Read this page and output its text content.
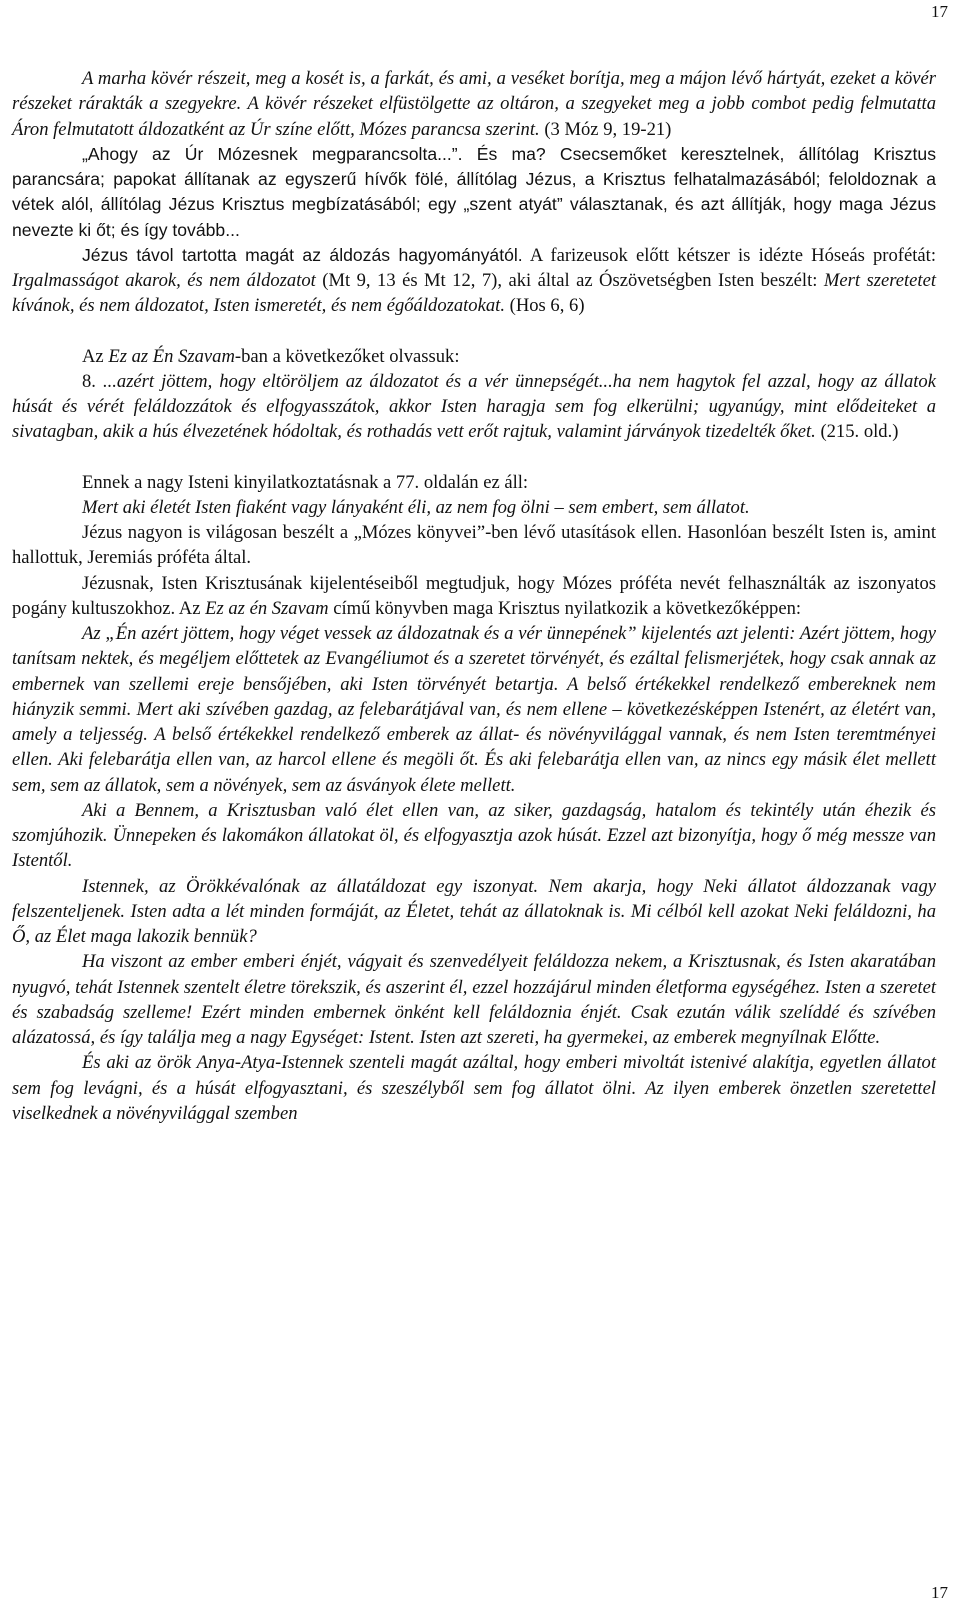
17

A marha kövér részeit, meg a kosét is, a farkát, és ami, a veséket borítja, meg a májon lévő hártyát, ezeket a kövér részeket rárakták a szegyekre. A kövér részeket elfüstölgette az oltáron, a szegyeket meg a jobb combot pedig felmutatta Áron felmutatott áldozatként az Úr színe előtt, Mózes parancsa szerint. (3 Móz 9, 19-21)

„Ahogy az Úr Mózesnek megparancsolta...”. És ma? Csecsemőket keresztelnek, állítólag Krisztus parancsára; papokat állítanak az egyszerű hívők fölé, állítólag Jézus, a Krisztus felhatalmazásából; feloldoznak a vétek alól, állítólag Jézus Krisztus megbízatásából; egy „szent atyát” választanak, és azt állítják, hogy maga Jézus nevezte ki őt; és így tovább...

Jézus távol tartotta magát az áldozás hagyományától. A farizeusok előtt kétszer is idézte Hóseás profétát: Irgalmasságot akarok, és nem áldozatot (Mt 9, 13 és Mt 12, 7), aki által az Ószövetségben Isten beszélt: Mert szeretetet kívánok, és nem áldozatot, Isten ismeretét, és nem égőáldozatokat. (Hos 6, 6)

Az Ez az Én Szavam-ban a következőket olvassuk:

8. ...azért jöttem, hogy eltöröljem az áldozatot és a vér ünnepségét...ha nem hagytok fel azzal, hogy az állatok húsát és vérét feláldozzátok és elfogyasszátok, akkor Isten haragja sem fog elkerülni; ugyanúgy, mint elődeiteket a sivatagban, akik a hús élvezetének hódoltak, és rothadás vett erőt rajtuk, valamint járványok tizedelték őket. (215. old.)

Ennek a nagy Isteni kinyilatkoztatásnak a 77. oldalán ez áll:

Mert aki életét Isten fiaként vagy lányaként éli, az nem fog ölni – sem embert, sem állatot.

Jézus nagyon is világosan beszélt a „Mózes könyvei”-ben lévő utasítások ellen. Hasonlóan beszélt Isten is, amint hallottuk, Jeremiás próféta által.

Jézusnak, Isten Krisztusának kijelentéseiből megtudjuk, hogy Mózes próféta nevét felhasználták az iszonyatos pogány kultuszokhoz. Az Ez az én Szavam című könyvben maga Krisztus nyilatkozik a következőképpen:

Az „Én azért jöttem, hogy véget vessek az áldozatnak és a vér ünnepének” kijelentés azt jelenti: Azért jöttem, hogy tanítsam nektek, és megéljem előttetek az Evangéliumot és a szeretet törvényét, és ezáltal felismerjétek, hogy csak annak az embernek van szellemi ereje bensőjében, aki Isten törvényét betartja. A belső értékekkel rendelkező embereknek nem hiányzik semmi. Mert aki szívében gazdag, az felebarátjával van, és nem ellene – következésképpen Istenért, az életért van, amely a teljesség. A belső értékekkel rendelkező emberek az állat- és növényvilággal vannak, és nem Isten teremtményei ellen. Aki felebarátja ellen van, az harcol ellene és megöli őt. És aki felebarátja ellen van, az nincs egy másik élet mellett sem, sem az állatok, sem a növények, sem az ásványok élete mellett.

Aki a Bennem, a Krisztusban való élet ellen van, az siker, gazdagság, hatalom és tekintély után éhezik és szomjúhozik. Ünnepeken és lakomákon állatokat öl, és elfogyasztja azok húsát. Ezzel azt bizonyítja, hogy ő még messze van Istentől.

Istennek, az Örökkévalónak az állatáldozat egy iszonyat. Nem akarja, hogy Neki állatot áldozzanak vagy felszenteljenek. Isten adta a lét minden formáját, az Életet, tehát az állatoknak is. Mi célból kell azokat Neki feláldozni, ha Ő, az Élet maga lakozik bennük?

Ha viszont az ember emberi énjét, vágyait és szenvedélyeit feláldozza nekem, a Krisztusnak, és Isten akaratában nyugvó, tehát Istennek szentelt életre törekszik, és aszerint él, ezzel hozzájárul minden életforma egységéhez. Isten a szeretet és szabadság szelleme! Ezért minden embernek önként kell feláldoznia énjét. Csak ezután válik szelíddé és szívében alázatossá, és így találja meg a nagy Egységet: Istent. Isten azt szereti, ha gyermekei, az emberek megnyílnak Előtte.

És aki az örök Anya-Atya-Istennek szenteli magát azáltal, hogy emberi mivoltát istenivé alakítja, egyetlen állatot sem fog levágni, és a húsát elfogyasztani, és szeszélyből sem fog állatot ölni. Az ilyen emberek önzetlen szeretettel viselkednek a növényvilággal szemben

17
